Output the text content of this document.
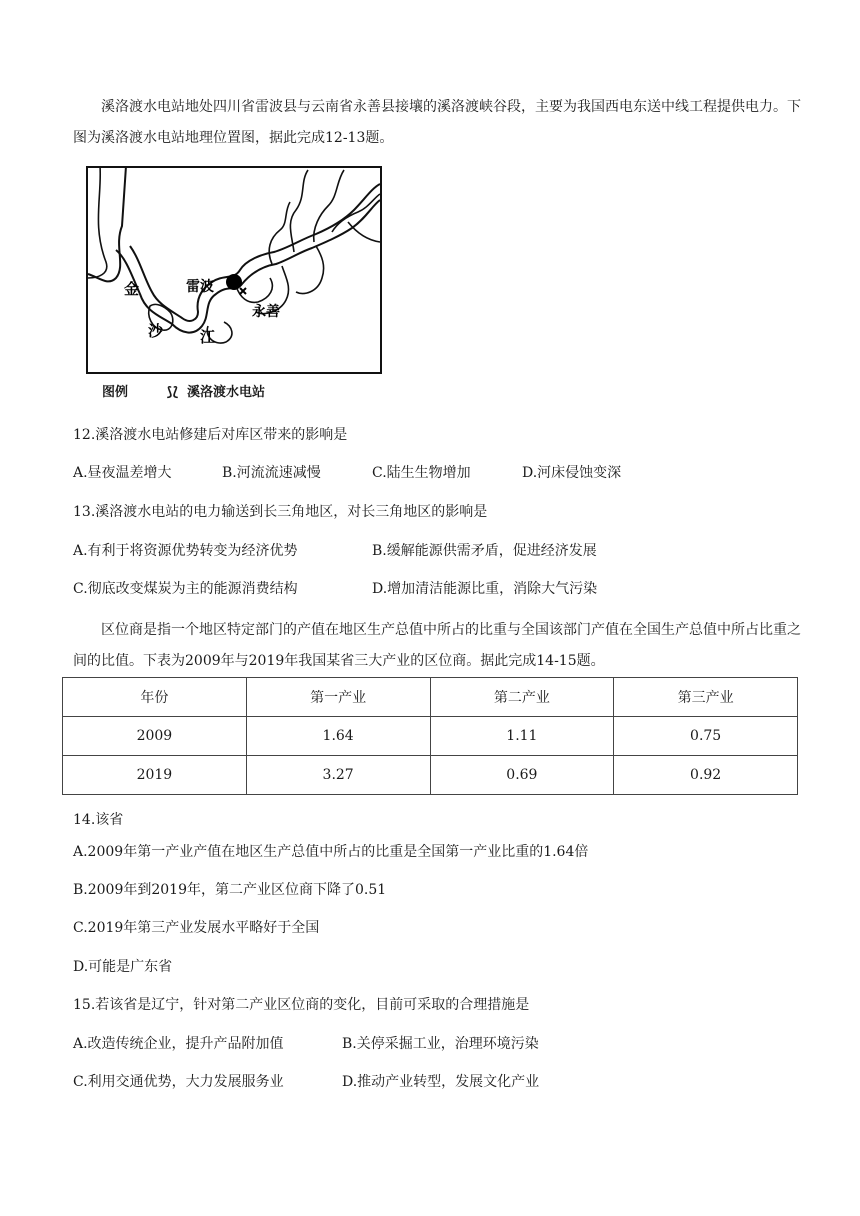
溪洛渡水电站地处四川省雷波县与云南省永善县接壤的溪洛渡峡谷段，主要为我国西电东送中线工程提供电力。下图为溪洛渡水电站地理位置图，据此完成12-13题。

金
沙 江
雷波
永善
图例	⟆⟅ 溪洛渡水电站
12.溪洛渡水电站修建后对库区带来的影响是
A.昼夜温差增大	B.河流流速减慢	C.陆生生物增加	D.河床侵蚀变深
13.溪洛渡水电站的电力输送到长三角地区，对长三角地区的影响是
A.有利于将资源优势转变为经济优势	B.缓解能源供需矛盾，促进经济发展
C.彻底改变煤炭为主的能源消费结构	D.增加清洁能源比重，消除大气污染

区位商是指一个地区特定部门的产值在地区生产总值中所占的比重与全国该部门产值在全国生产总值中所占比重之间的比值。下表为2009年与2019年我国某省三大产业的区位商。据此完成14-15题。

年份	第一产业	第二产业	第三产业
2009	1.64	1.11	0.75
2019	3.27	0.69	0.92
14.该省
A.2009年第一产业产值在地区生产总值中所占的比重是全国第一产业比重的1.64倍
B.2009年到2019年，第二产业区位商下降了0.51
C.2019年第三产业发展水平略好于全国
D.可能是广东省
15.若该省是辽宁，针对第二产业区位商的变化，目前可采取的合理措施是
A.改造传统企业，提升产品附加值	B.关停采掘工业，治理环境污染
C.利用交通优势，大力发展服务业	D.推动产业转型，发展文化产业
